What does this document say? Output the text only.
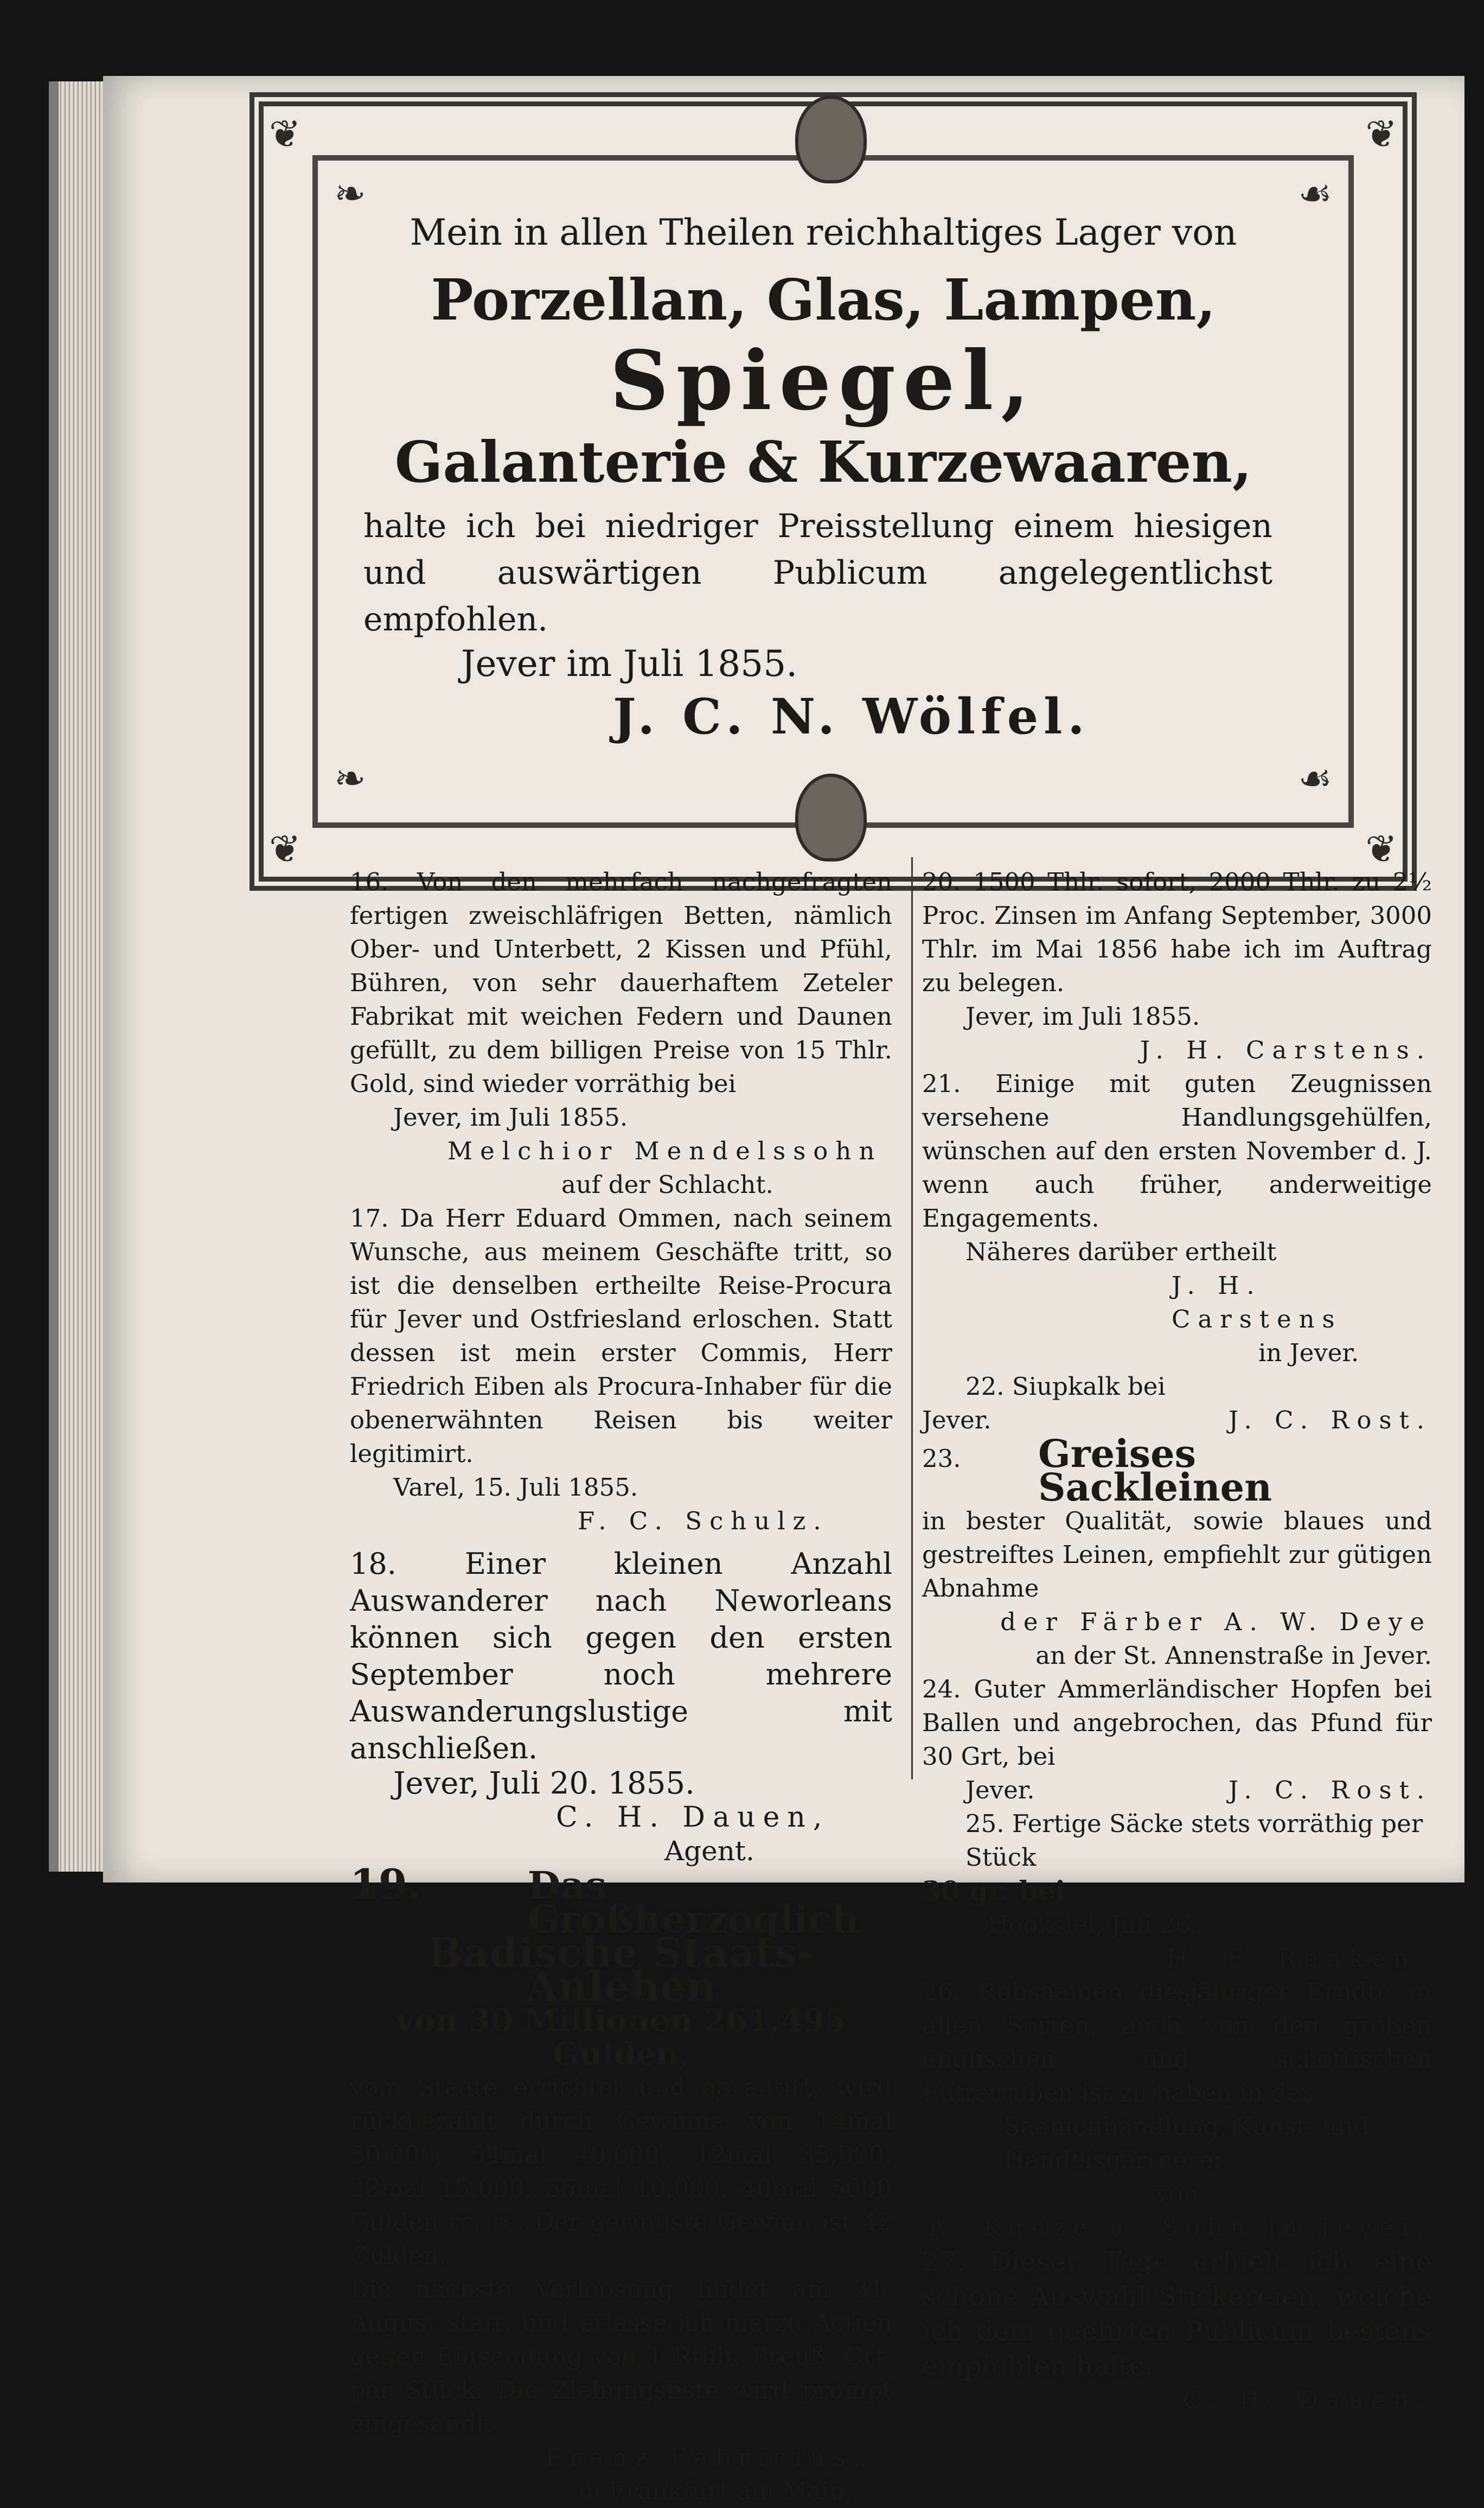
❦	❦
❦	❦
❧	☙
❧	☙

Mein in allen Theilen reichhaltiges Lager von

Porzellan, Glas, Lampen,

Spiegel,

Galanterie & Kurzewaaren,

halte ich bei niedriger Preisstellung einem hiesigen und auswärtigen Publicum angelegentlichst empfohlen.

Jever im Juli 1855.

J. C. N. Wölfel.

16. Von den mehrfach nachgefragten fertigen zweischläfrigen Betten, nämlich Ober- und Unterbett, 2 Kissen und Pfühl, Bühren, von sehr dauerhaftem Zeteler Fabrikat mit weichen Federn und Daunen gefüllt, zu dem billigen Preise von 15 Thlr. Gold, sind wieder vorräthig bei

Jever, im Juli 1855.

Melchior Mendelssohn

auf der Schlacht.

17. Da Herr Eduard Ommen, nach seinem Wunsche, aus meinem Geschäfte tritt, so ist die denselben ertheilte Reise-Procura für Jever und Ostfriesland erloschen. Statt dessen ist mein erster Commis, Herr Friedrich Eiben als Procura-Inhaber für die obenerwähnten Reisen bis weiter legitimirt.

Varel, 15. Juli 1855.

F. C. Schulz.

18. Einer kleinen Anzahl Auswanderer nach Neworleans können sich gegen den ersten September noch mehrere Auswanderungslustige mit anschließen.

Jever, Juli 20. 1855.

C. H. Dauen,

Agent.

19.	Das Großherzoglich

Badische Staats-Anlehen

von 30 Millionen 261,495 Gulden,

vom Staate errichtet und garantirt, wird rückbezahlt durch Gewinne von 14mal 50,000, 54mal 40,000, 12mal 35,000, 23mal 15,000, 55mal 10,000, 40mal 5000 Gulden rc. rc. Der geringste Gewinn ist 42 Gulden.

Die nächste Verloosung findet am 31. August statt, und erlasse ich hierzu Actien gegen Einsendung von 1 Rthlr. Preuß. Crt. per Stück. Die Ziehungsliste wird prompt eingesandt.

Franz Fabricius,

in Frankfurt am Main.

20. 1500 Thlr. sofort, 2000 Thlr. zu 2½ Proc. Zinsen im Anfang September, 3000 Thlr. im Mai 1856 habe ich im Auftrag zu belegen.

Jever, im Juli 1855.

J. H. Carstens.

21. Einige mit guten Zeugnissen versehene Handlungsgehülfen, wünschen auf den ersten November d. J. wenn auch früher, anderweitige Engagements.

Näheres darüber ertheilt

J. H. Carstens

in Jever.

22. Siupkalk bei

Jever.	J. C. Rost.
23.	Greises Sackleinen

in bester Qualität, sowie blaues und gestreiftes Leinen, empfiehlt zur gütigen Abnahme

der Färber A. W. Deye

an der St. Annenstraße in Jever.

24. Guter Ammerländischer Hopfen bei Ballen und angebrochen, das Pfund für 30 Grt, bei

Jever.	J. C. Rost.

25. Fertige Säcke stets vorräthig per Stück

30 gr. bei

Hooksiel, Juli 26.

H. F. Renken.

26. Rübsaamen diesjähriger Erndte in allen Sorten, auch von den großen englischen und schottischen Futterrüben ist zu haben in der

Saamenhandlung, Kunst- und Handelsgärtnerei

von

A. Kunze u. Sohn in Jever.

27. Dieser Tage erhielt ich eine schöne Auswahl Stickereien, welche ich dem geehrten Publicum bestens empfohlen halte.

C. H. Dauen.
